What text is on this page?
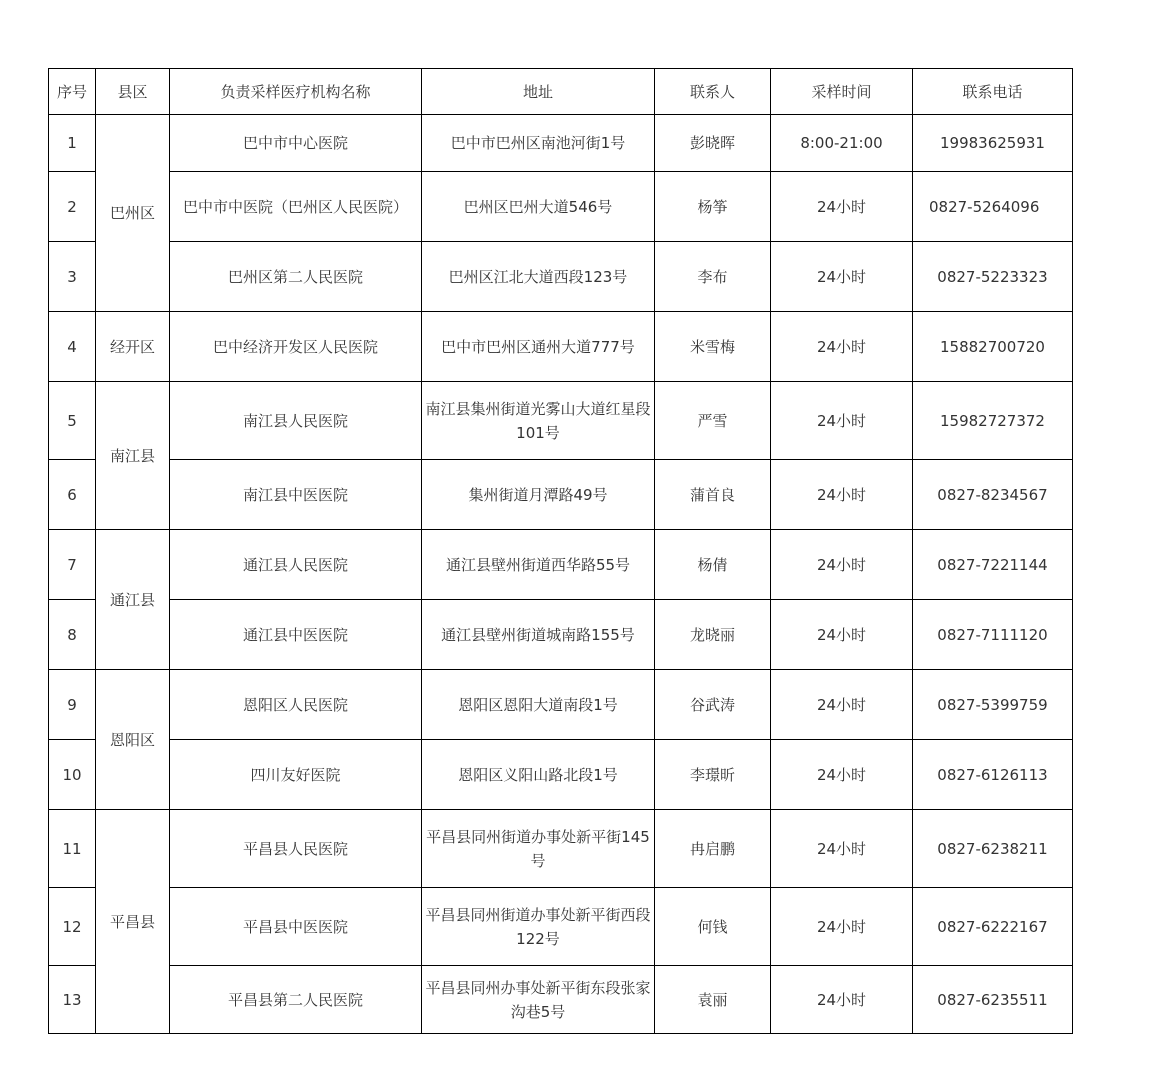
序号	县区	负责采样医疗机构名称	地址	联系人	采样时间	联系电话
1	巴州区	巴中市中心医院	巴中市巴州区南池河街1号	彭晓晖	8:00-21:00	19983625931
2		巴中市中医院（巴州区人民医院）	巴州区巴州大道546号	杨筝	24小时	0827-5264096
3		巴州区第二人民医院	巴州区江北大道西段123号	李布	24小时	0827-5223323
4	经开区	巴中经济开发区人民医院	巴中市巴州区通州大道777号	米雪梅	24小时	15882700720
5	南江县	南江县人民医院	南江县集州街道光雾山大道红星段101号	严雪	24小时	15982727372
6		南江县中医医院	集州街道月潭路49号	蒲首良	24小时	0827-8234567
7	通江县	通江县人民医院	通江县壁州街道西华路55号	杨倩	24小时	0827-7221144
8		通江县中医医院	通江县壁州街道城南路155号	龙晓丽	24小时	0827-7111120
9	恩阳区	恩阳区人民医院	恩阳区恩阳大道南段1号	谷武涛	24小时	0827-5399759
10		四川友好医院	恩阳区义阳山路北段1号	李璟昕	24小时	0827-6126113
11	平昌县	平昌县人民医院	平昌县同州街道办事处新平街145号	冉启鹏	24小时	0827-6238211
12		平昌县中医医院	平昌县同州街道办事处新平街西段122号	何钱	24小时	0827-6222167
13		平昌县第二人民医院	平昌县同州办事处新平街东段张家沟巷5号	袁丽	24小时	0827-6235511
